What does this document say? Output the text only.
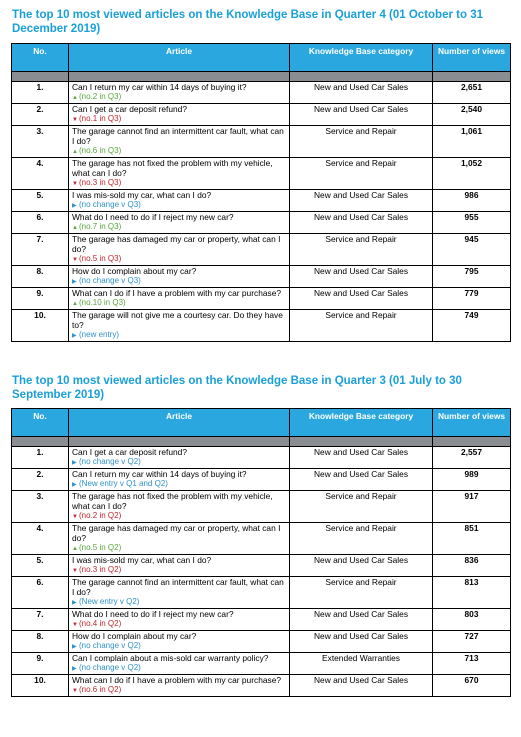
The top 10 most viewed articles on the Knowledge Base in Quarter 4 (01 October to 31 December 2019)
No.	Article	Knowledge Base category	Number of views

1.	Can I return my car within 14 days of buying it?
▲(no.2 in Q3)	New and Used Car Sales	2,651
2.	Can I get a car deposit refund?
▼(no.1 in Q3)	New and Used Car Sales	2,540
3.	The garage cannot find an intermittent car fault, what can I do?
▲(no.6 in Q3)	Service and Repair	1,061
4.	The garage has not fixed the problem with my vehicle, what can I do?
▼(no.3 in Q3)	Service and Repair	1,052
5.	I was mis-sold my car, what can I do?
▶ (no change v Q3)	New and Used Car Sales	986
6.	What do I need to do if I reject my new car?
▲(no.7 in Q3)	New and Used Car Sales	955
7.	The garage has damaged my car or property, what can I do?
▼(no.5 in Q3)	Service and Repair	945
8.	How do I complain about my car?
▶ (no change v Q3)	New and Used Car Sales	795
9.	What can I do if I have a problem with my car purchase?
▲(no.10 in Q3)	New and Used Car Sales	779
10.	The garage will not give me a courtesy car. Do they have to?
▶ (new entry)	Service and Repair	749
The top 10 most viewed articles on the Knowledge Base in Quarter 3 (01 July to 30 September 2019)
No.	Article	Knowledge Base category	Number of views

1.	Can I get a car deposit refund?
▶ (no change v Q2)	New and Used Car Sales	2,557
2.	Can I return my car within 14 days of buying it?
▶ (New entry v Q1 and Q2)	New and Used Car Sales	989
3.	The garage has not fixed the problem with my vehicle, what can I do?
▼(no.2 in Q2)	Service and Repair	917
4.	The garage has damaged my car or property, what can I do?
▲(no.5 in Q2)	Service and Repair	851
5.	I was mis-sold my car, what can I do?
▼(no.3 in Q2)	New and Used Car Sales	836
6.	The garage cannot find an intermittent car fault, what can I do?
▶ (New entry v Q2)	Service and Repair	813
7.	What do I need to do if I reject my new car?
▼(no.4 in Q2)	New and Used Car Sales	803
8.	How do I complain about my car?
▶ (no change v Q2)	New and Used Car Sales	727
9.	Can I complain about a mis-sold car warranty policy?
▶ (no change v Q2)	Extended Warranties	713
10.	What can I do if I have a problem with my car purchase?
▼(no.6 in Q2)	New and Used Car Sales	670
